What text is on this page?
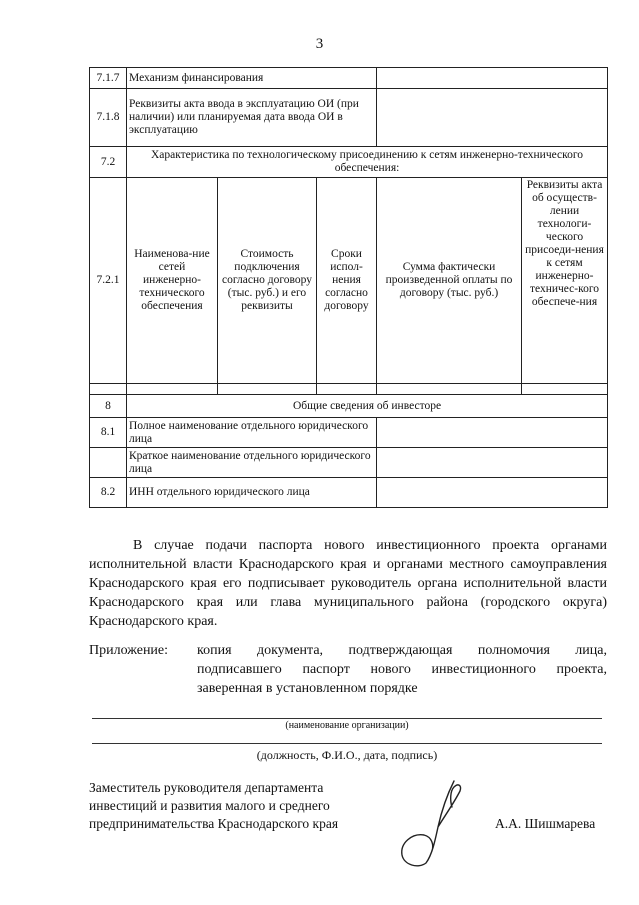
3
7.1.7	Механизм финансирования				
7.1.8	Реквизиты акта ввода в эксплуатацию ОИ (при наличии) или планируемая дата ввода ОИ в эксплуатацию				
7.2	Характеристика по технологическому присоединению к сетям инженерно-технического обеспечения:				
7.2.1	Наименова-ние сетей инженерно-технического обеспечения	Стоимость подключения согласно договору (тыс. руб.) и его реквизиты	Сроки испол-нения согласно договору	Сумма фактически произведенной оплаты по договору (тыс. руб.)	Реквизиты акта об осуществ-лении технологи-ческого присоеди-нения к сетям инженерно-техничес-кого обеспече-ния

8	Общие сведения об инвесторе				
8.1	Полное наименование отдельного юридического лица				
	Краткое наименование отдельного юридического лица				
8.2	ИНН отдельного юридического лица				
В случае подачи паспорта нового инвестиционного проекта органами исполнительной власти Краснодарского края и органами местного самоуправления Краснодарского края его подписывает руководитель органа исполнительной власти Краснодарского края или глава муниципального района (городского округа) Краснодарского края.
Приложение:	копия документа, подтверждающая полномочия лица, подписавшего паспорт нового инвестиционного проекта, заверенная в установленном порядке
(наименование организации)
(должность, Ф.И.О., дата, подпись)
Заместитель руководителя департамента
инвестиций и развития малого и среднего
предпринимательства Краснодарского края	А.А. Шишмарева
